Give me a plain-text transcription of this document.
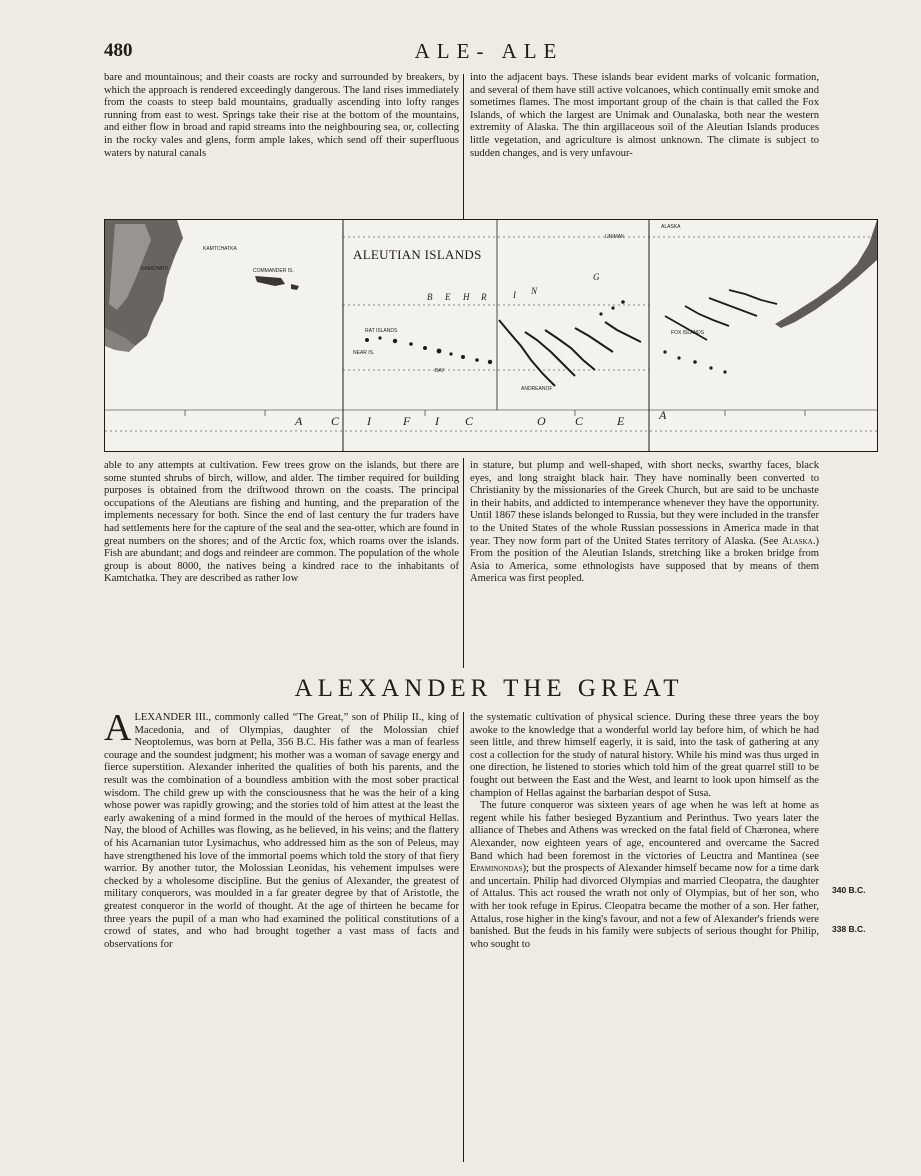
480	ALE- ALE

bare and mountainous; and their coasts are rocky and surrounded by breakers, by which the approach is rendered exceedingly dangerous. The land rises immediately from the coasts to steep bald mountains, gradually ascending into lofty ranges running from east to west. Springs take their rise at the bottom of the mountains, and either flow in broad and rapid streams into the neighbouring sea, or, collecting in the rocky vales and glens, form ample lakes, which send off their superfluous waters by natural canals

into the adjacent bays. These islands bear evident marks of volcanic formation, and several of them have still active volcanoes, which continually emit smoke and sometimes flames. The most important group of the chain is that called the Fox Islands, of which the largest are Unimak and Ounalaska, both near the western extremity of Alaska. The thin argillaceous soil of the Aleutian Islands produces little vegetation, and agriculture is almost unknown. The climate is subject to sudden changes, and is very unfavour-

ALEUTIAN ISLANDS
KAMCHATK
KAMTCHATKA
COMMANDER IS.
RAT ISLANDS
NEAR IS.
BAY
ANDREANOF
FOX ISLANDS
UNIMAK
ALASKA
B E H R	I N
G
A C I	F I C	O C	E	A

able to any attempts at cultivation. Few trees grow on the islands, but there are some stunted shrubs of birch, willow, and alder. The timber required for building purposes is obtained from the driftwood thrown on the coasts. The principal occupations of the Aleutians are fishing and hunting, and the preparation of the implements necessary for both. Since the end of last century the fur traders have had settlements here for the capture of the seal and the sea-otter, which are found in great numbers on the shores; and of the Arctic fox, which roams over the islands. Fish are abundant; and dogs and reindeer are common. The population of the whole group is about 8000, the natives being a kindred race to the inhabitants of Kamtchatka. They are described as rather low

in stature, but plump and well-shaped, with short necks, swarthy faces, black eyes, and long straight black hair. They have nominally been converted to Christianity by the missionaries of the Greek Church, but are said to be unchaste in their habits, and addicted to intemperance whenever they have the opportunity. Until 1867 these islands belonged to Russia, but they were included in the transfer to the United States of the whole Russian possessions in America made in that year. They now form part of the United States territory of Alaska. (See Alaska.) From the position of the Aleutian Islands, stretching like a broken bridge from Asia to America, some ethnologists have supposed that by means of them America was first peopled.

ALEXANDER THE GREAT

ALEXANDER III., commonly called “The Great,” son of Philip II., king of Macedonia, and of Olympias, daughter of the Molossian chief Neoptolemus, was born at Pella, 356 B.C. His father was a man of fearless courage and the soundest judgment; his mother was a woman of savage energy and fierce superstition. Alexander inherited the qualities of both his parents, and the result was the combination of a boundless ambition with the most sober practical wisdom. The child grew up with the consciousness that he was the heir of a king whose power was rapidly growing; and the stories told of him attest at the least the early awakening of a mind formed in the mould of the heroes of mythical Hellas. Nay, the blood of Achilles was flowing, as he believed, in his veins; and the flattery of his Acarnanian tutor Lysimachus, who addressed him as the son of Peleus, may have strengthened his love of the immortal poems which told the story of that fiery warrior. By another tutor, the Molossian Leonidas, his vehement impulses were checked by a wholesome discipline. But the genius of Alexander, the greatest of military conquerors, was moulded in a far greater degree by that of Aristotle, the greatest conqueror in the world of thought. At the age of thirteen he became for three years the pupil of a man who had examined the political constitutions of a crowd of states, and who had brought together a vast mass of facts and observations for

the systematic cultivation of physical science. During these three years the boy awoke to the knowledge that a wonderful world lay before him, of which he had seen little, and threw himself eagerly, it is said, into the task of gathering at any cost a collection for the study of natural history. While his mind was thus urged in one direction, he listened to stories which told him of the great quarrel still to be fought out between the East and the West, and learnt to look upon himself as the champion of Hellas against the barbarian despot of Susa.

The future conqueror was sixteen years of age when he was left at home as regent while his father besieged Byzantium and Perinthus. Two years later the alliance of Thebes and Athens was wrecked on the fatal field of Chæronea, where Alexander, now eighteen years of age, encountered and overcame the Sacred Band which had been foremost in the victories of Leuctra and Mantinea (see Epaminondas); but the prospects of Alexander himself became now for a time dark and uncertain. Philip had divorced Olympias and married Cleopatra, the daughter of Attalus. This act roused the wrath not only of Olympias, but of her son, who with her took refuge in Epirus. Cleopatra became the mother of a son. Her father, Attalus, rose higher in the king's favour, and not a few of Alexander's friends were banished. But the feuds in his family were subjects of serious thought for Philip, who sought to

340 B.C.
338 B.C.
